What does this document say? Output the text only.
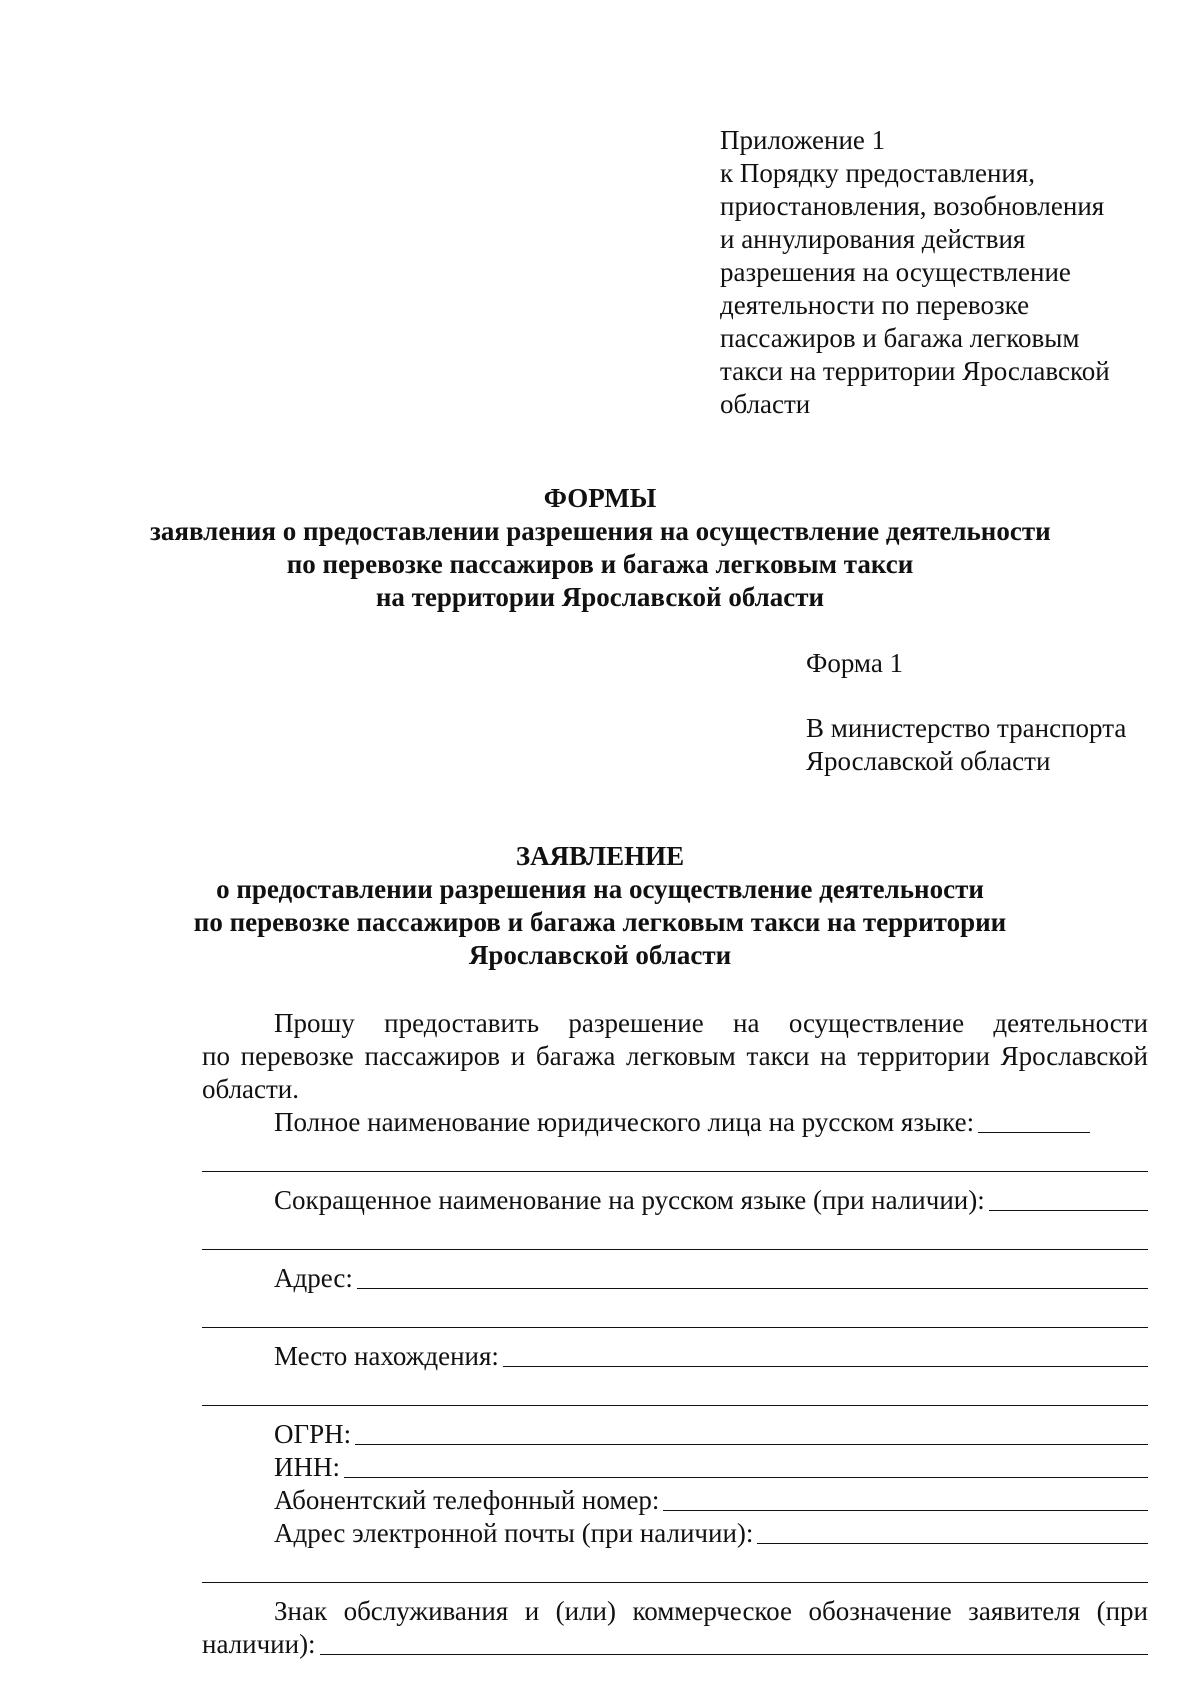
Приложение 1
к Порядку предоставления,
приостановления, возобновления
и аннулирования действия
разрешения на осуществление
деятельности по перевозке
пассажиров и багажа легковым
такси на территории Ярославской
области
ФОРМЫ
заявления о предоставлении разрешения на осуществление деятельности
по перевозке пассажиров и багажа легковым такси
на территории Ярославской области
Форма 1
В министерство транспорта
Ярославской области
ЗАЯВЛЕНИЕ
о предоставлении разрешения на осуществление деятельности
по перевозке пассажиров и багажа легковым такси на территории
Ярославской области
Прошу предоставить разрешение на осуществление деятельности
по перевозке пассажиров и багажа легковым такси на территории Ярославской
области.
Полное наименование юридического лица на русском языке:
Сокращенное наименование на русском языке (при наличии):
Адрес:
Место нахождения:
ОГРН:
ИНН:
Абонентский телефонный номер:
Адрес электронной почты (при наличии):
Знак обслуживания и (или) коммерческое обозначение заявителя (при
наличии):
